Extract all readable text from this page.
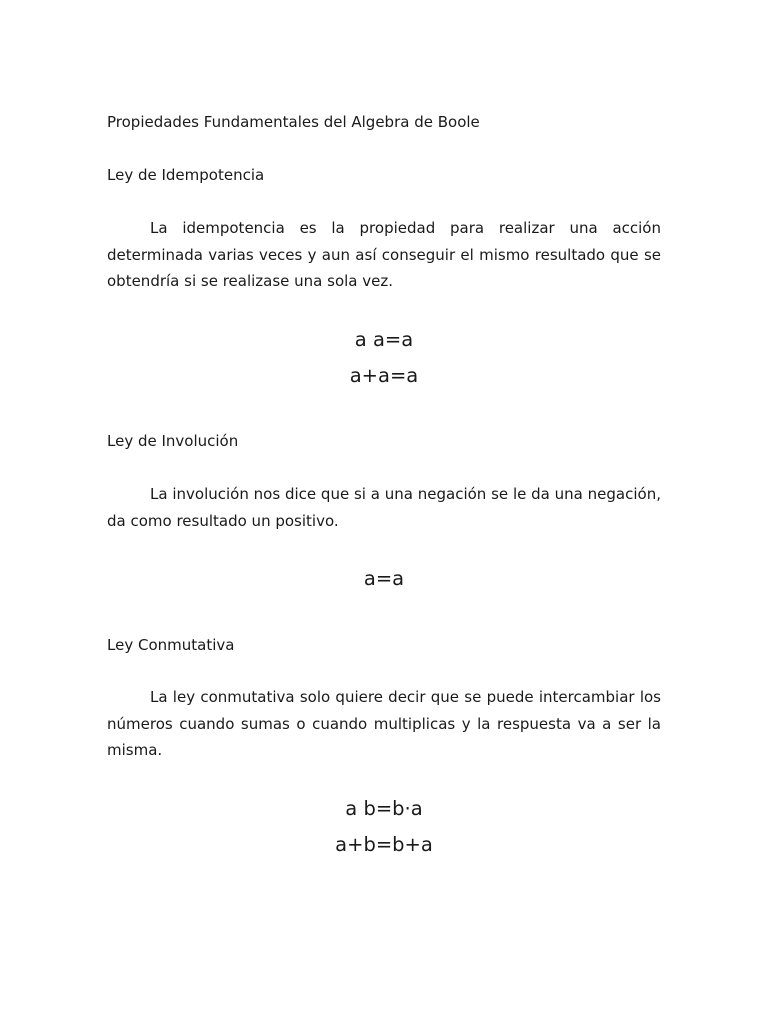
Propiedades Fundamentales del Algebra de Boole
Ley de Idempotencia
La idempotencia es la propiedad para realizar una acción determinada varias veces y aun así conseguir el mismo resultado que se obtendría si se realizase una sola vez.
a a=a
a+a=a
Ley de Involución
La involución nos dice que si a una negación se le da una negación, da como resultado un positivo.
a=a
Ley Conmutativa
La ley conmutativa solo quiere decir que se puede intercambiar los números cuando sumas o cuando multiplicas y la respuesta va a ser la misma.
a b=b·a
a+b=b+a
